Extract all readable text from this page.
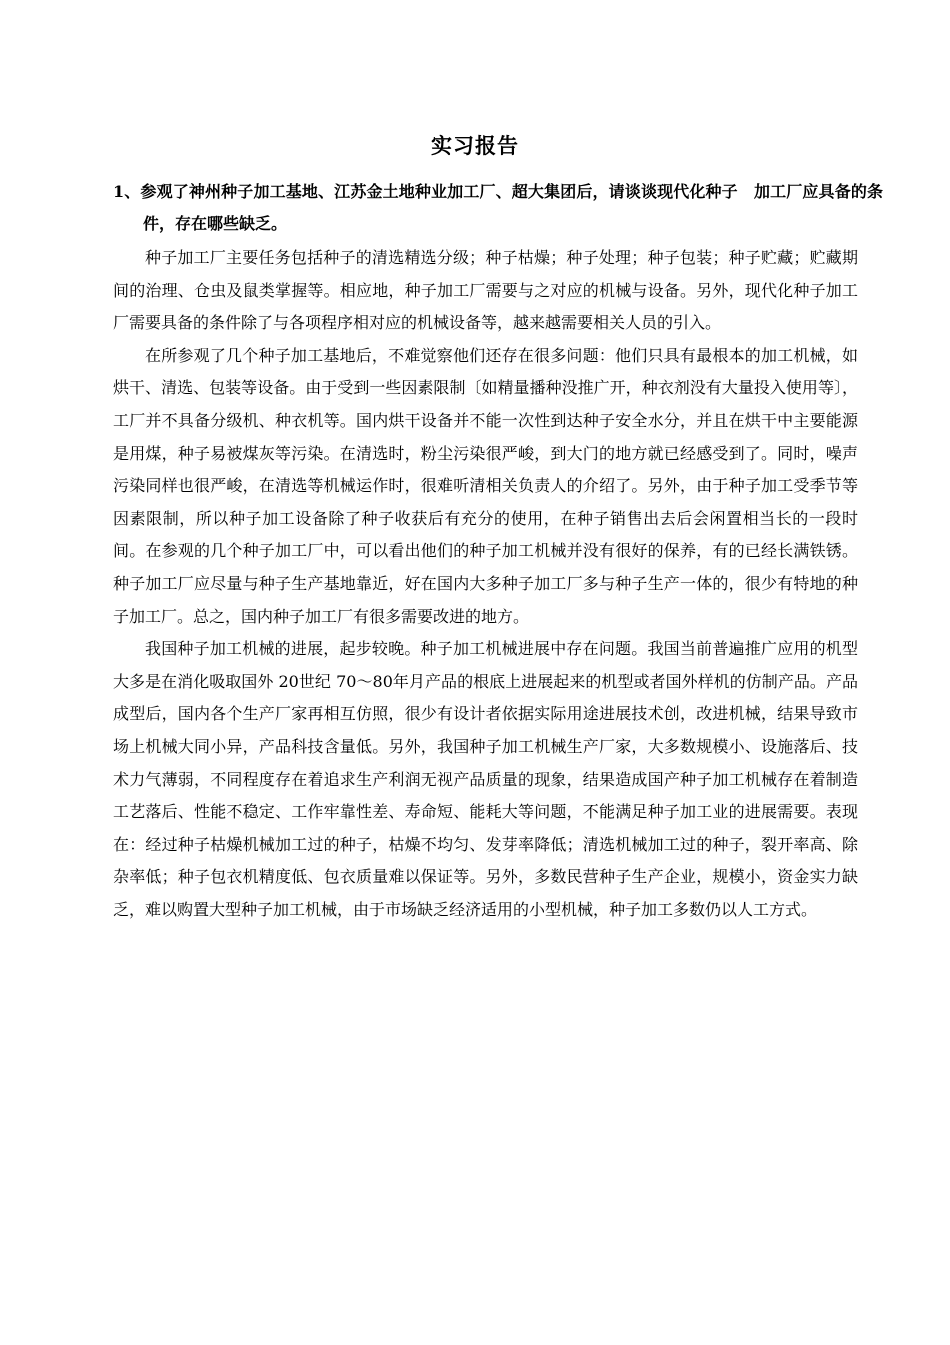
实习报告
1、参观了神州种子加工基地、江苏金土地种业加工厂、超大集团后，请谈谈现代化种子　加工厂应具备的条件，存在哪些缺乏。

种子加工厂主要任务包括种子的清选精选分级；种子枯燥；种子处理；种子包装；种子贮藏；贮藏期间的治理、仓虫及鼠类掌握等。相应地，种子加工厂需要与之对应的机械与设备。另外，现代化种子加工厂需要具备的条件除了与各项程序相对应的机械设备等，越来越需要相关人员的引入。

在所参观了几个种子加工基地后，不难觉察他们还存在很多问题：他们只具有最根本的加工机械，如烘干、清选、包装等设备。由于受到一些因素限制〔如精量播种没推广开，种衣剂没有大量投入使用等〕，工厂并不具备分级机、种衣机等。国内烘干设备并不能一次性到达种子安全水分，并且在烘干中主要能源是用煤，种子易被煤灰等污染。在清选时，粉尘污染很严峻，到大门的地方就已经感受到了。同时，噪声污染同样也很严峻，在清选等机械运作时，很难听清相关负责人的介绍了。另外，由于种子加工受季节等因素限制，所以种子加工设备除了种子收获后有充分的使用，在种子销售出去后会闲置相当长的一段时间。在参观的几个种子加工厂中，可以看出他们的种子加工机械并没有很好的保养，有的已经长满铁锈。种子加工厂应尽量与种子生产基地靠近，好在国内大多种子加工厂多与种子生产一体的，很少有特地的种子加工厂。总之，国内种子加工厂有很多需要改进的地方。

我国种子加工机械的进展，起步较晚。种子加工机械进展中存在问题。我国当前普遍推广应用的机型大多是在消化吸取国外 20世纪 70～80年月产品的根底上进展起来的机型或者国外样机的仿制产品。产品成型后，国内各个生产厂家再相互仿照，很少有设计者依据实际用途进展技术创，改进机械，结果导致市场上机械大同小异，产品科技含量低。另外，我国种子加工机械生产厂家，大多数规模小、设施落后、技术力气薄弱，不同程度存在着追求生产利润无视产品质量的现象，结果造成国产种子加工机械存在着制造工艺落后、性能不稳定、工作牢靠性差、寿命短、能耗大等问题，不能满足种子加工业的进展需要。表现在：经过种子枯燥机械加工过的种子，枯燥不均匀、发芽率降低；清选机械加工过的种子，裂开率高、除杂率低；种子包衣机精度低、包衣质量难以保证等。另外，多数民营种子生产企业，规模小，资金实力缺乏，难以购置大型种子加工机械，由于市场缺乏经济适用的小型机械，种子加工多数仍以人工方式。
